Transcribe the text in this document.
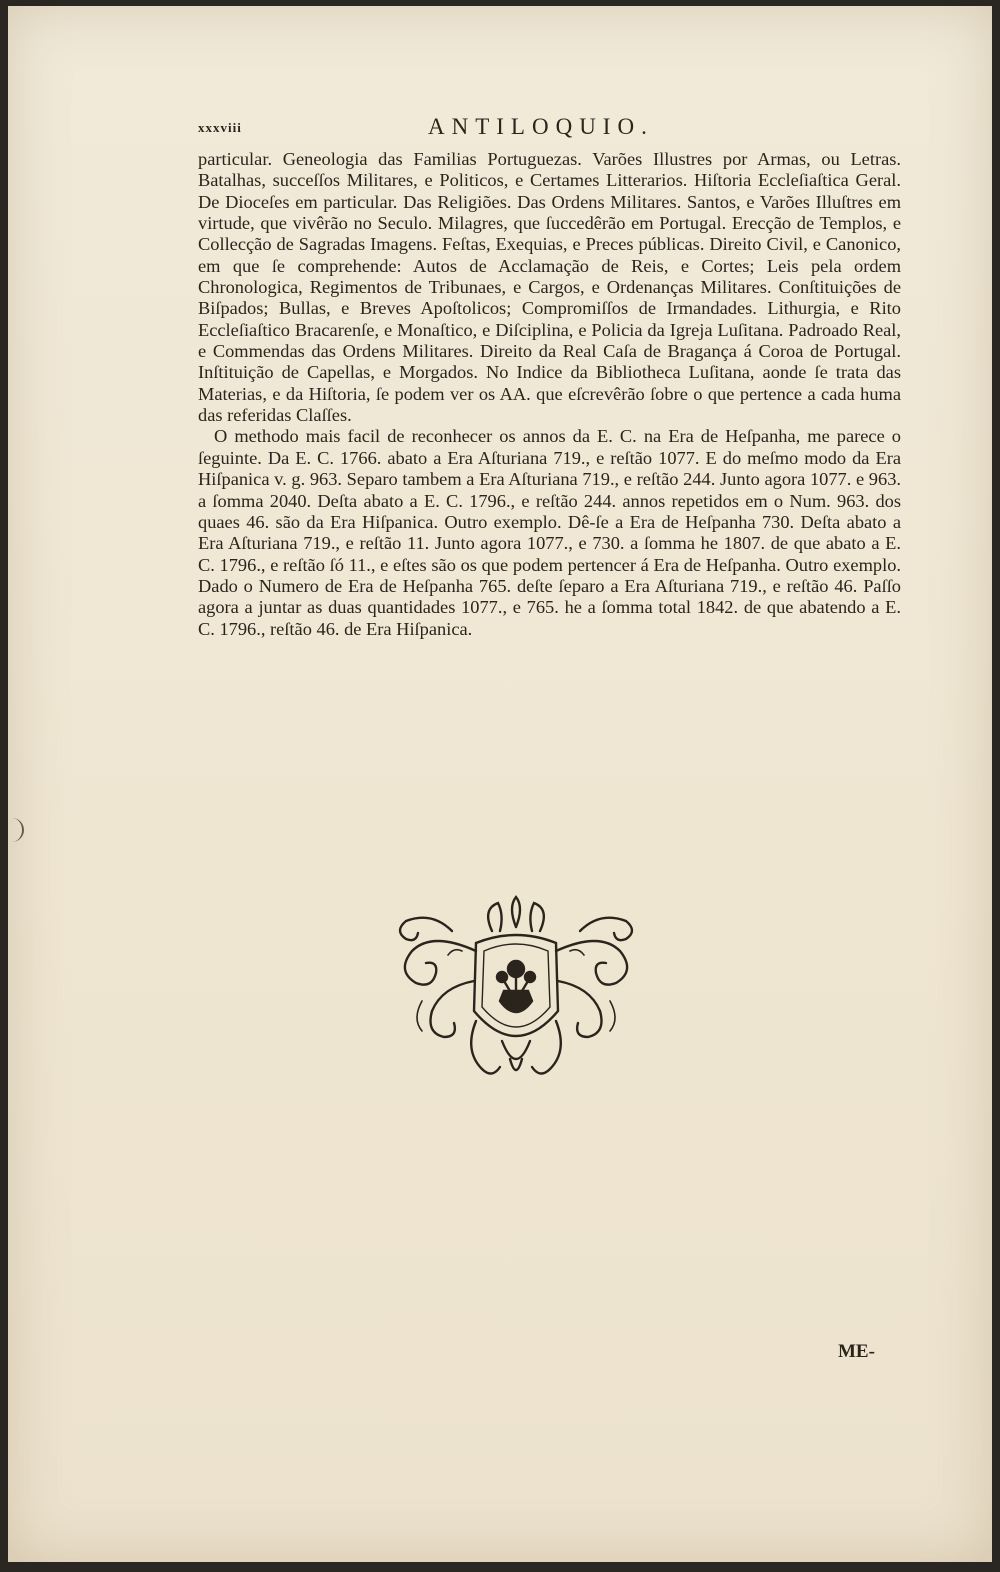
xxxviii	ANTILOQUIO.

particular. Geneologia das Familias Portuguezas. Varões Illustres por Armas, ou Letras. Batalhas, succeſſos Militares, e Politicos, e Certames Litterarios. Hiſtoria Eccleſiaſtica Geral. De Dioceſes em particular. Das Religiões. Das Ordens Militares. Santos, e Varões Illuſtres em virtude, que vivêrão no Seculo. Milagres, que ſuccedêrão em Portugal. Erecção de Templos, e Collecção de Sagradas Imagens. Feſtas, Exequias, e Preces públicas. Direito Civil, e Canonico, em que ſe comprehende: Autos de Acclamação de Reis, e Cortes; Leis pela ordem Chronologica, Regimentos de Tribunaes, e Cargos, e Ordenanças Militares. Conſtituições de Biſpados; Bullas, e Breves Apoſtolicos; Compromiſſos de Irmandades. Lithurgia, e Rito Eccleſiaſtico Bracarenſe, e Monaſtico, e Diſciplina, e Policia da Igreja Luſitana. Padroado Real, e Commendas das Ordens Militares. Direito da Real Caſa de Bragança á Coroa de Portugal. Inſtituição de Capellas, e Morgados. No Indice da Bibliotheca Luſitana, aonde ſe trata das Materias, e da Hiſtoria, ſe podem ver os AA. que eſcrevêrão ſobre o que pertence a cada huma das referidas Claſſes.

O methodo mais facil de reconhecer os annos da E. C. na Era de Heſpanha, me parece o ſeguinte. Da E. C. 1766. abato a Era Aſturiana 719., e reſtão 1077. E do meſmo modo da Era Hiſpanica v. g. 963. Separo tambem a Era Aſturiana 719., e reſtão 244. Junto agora 1077. e 963. a ſomma 2040. Deſta abato a E. C. 1796., e reſtão 244. annos repetidos em o Num. 963. dos quaes 46. são da Era Hiſpanica. Outro exemplo. Dê-ſe a Era de Heſpanha 730. Deſta abato a Era Aſturiana 719., e reſtão 11. Junto agora 1077., e 730. a ſomma he 1807. de que abato a E. C. 1796., e reſtão ſó 11., e eſtes são os que podem pertencer á Era de Heſpanha. Outro exemplo. Dado o Numero de Era de Heſpanha 765. deſte ſeparo a Era Aſturiana 719., e reſtão 46. Paſſo agora a juntar as duas quantidades 1077., e 765. he a ſomma total 1842. de que abatendo a E. C. 1796., reſtão 46. de Era Hiſpanica.

ME-
